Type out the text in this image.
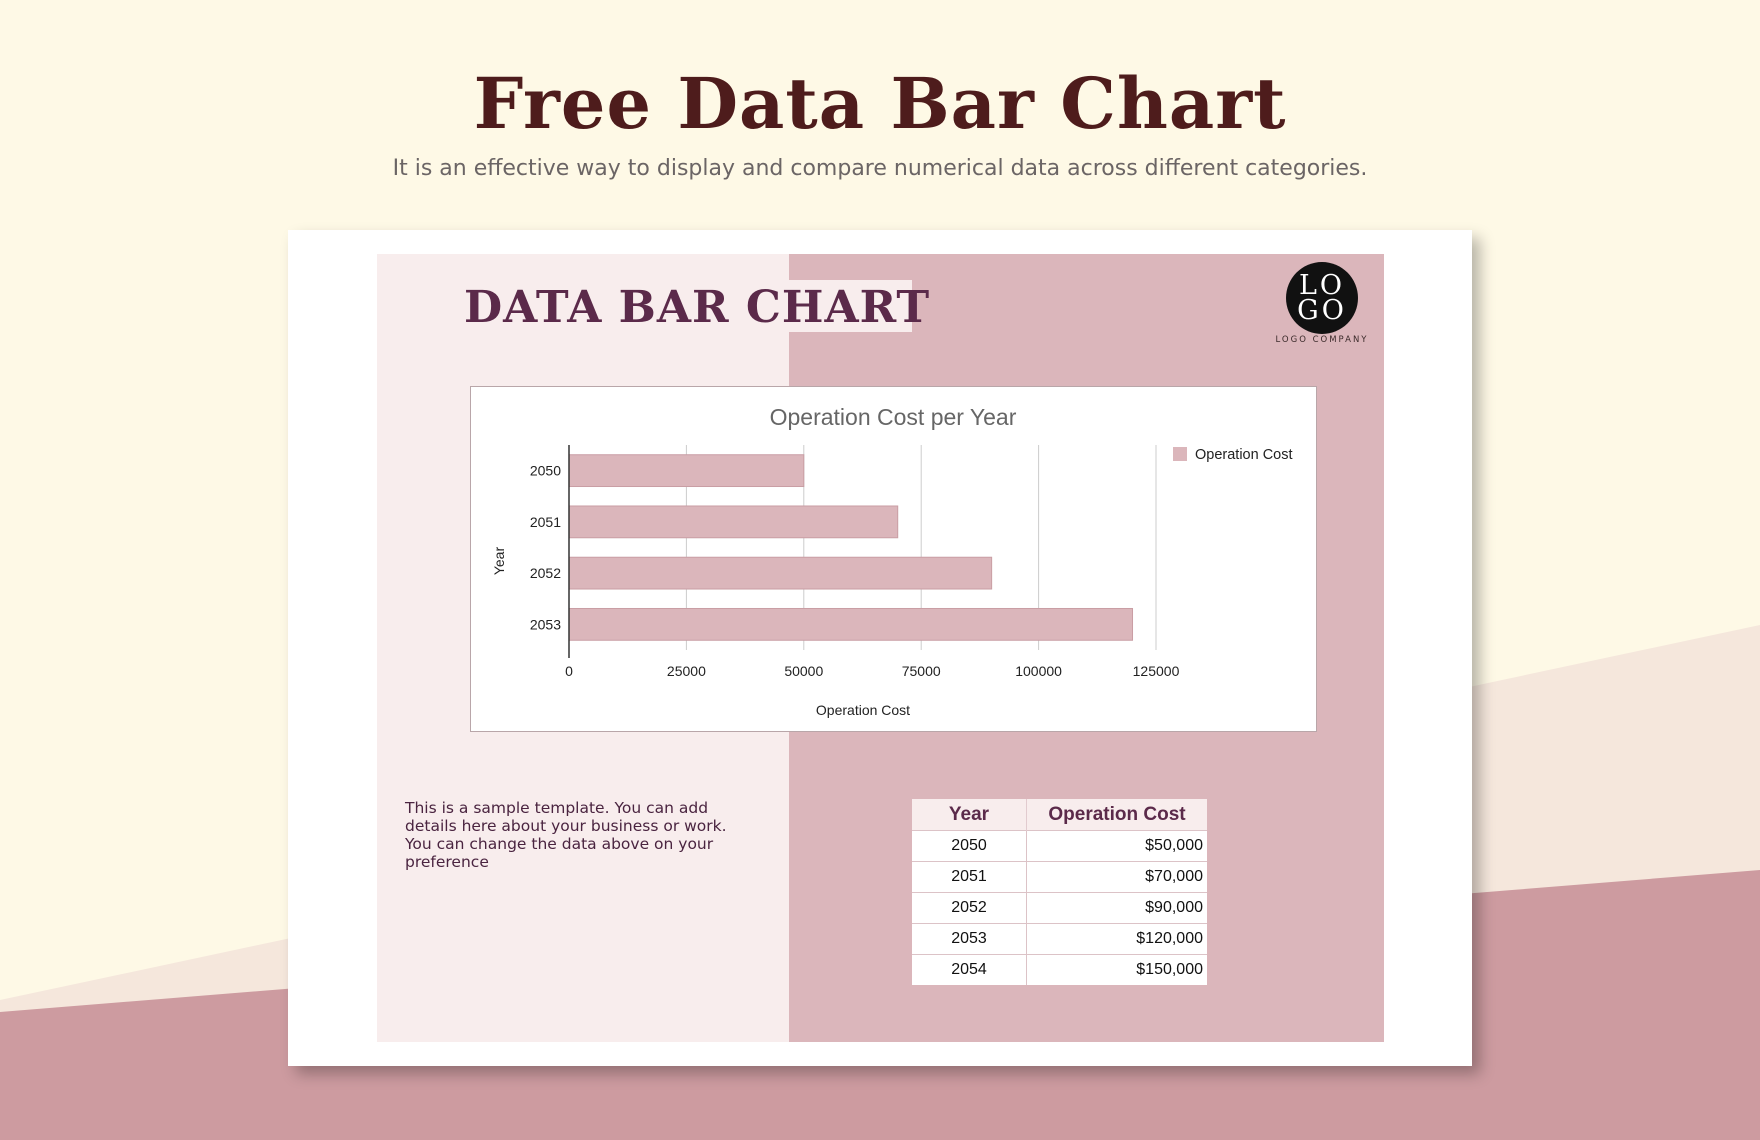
Free Data Bar Chart

It is an effective way to display and compare numerical data across different categories.

DATA BAR CHART	LO
GO
LOGO COMPANY
Operation Cost per Year
0	25000	50000	75000	100000	125000
2050
2051
2052
2053
Operation Cost
Year
Operation Cost
This is a sample template. You can add details here about your business or work. You can change the data above on your preference
Year	Operation Cost
2050	$50,000
2051	$70,000
2052	$90,000
2053	$120,000
2054	$150,000
